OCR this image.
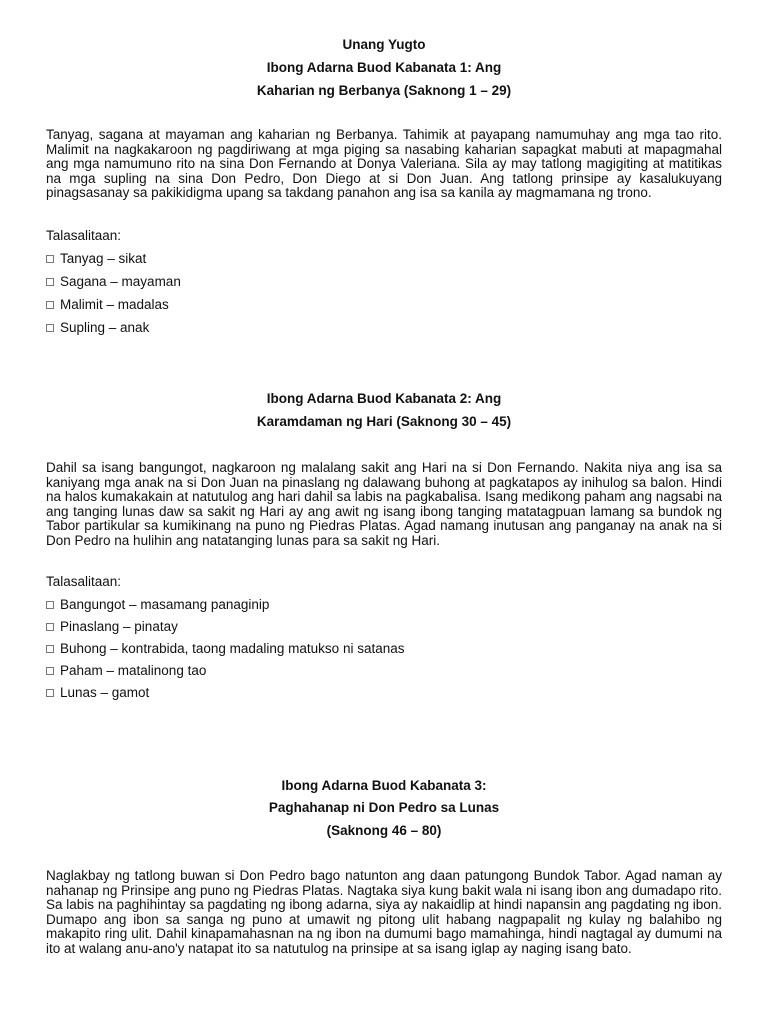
Unang Yugto
Ibong Adarna Buod Kabanata 1: Ang
Kaharian ng Berbanya (Saknong 1 – 29)

Tanyag, sagana at mayaman ang kaharian ng Berbanya. Tahimik at payapang namumuhay ang mga tao rito. Malimit na nagkakaroon ng pagdiriwang at mga piging sa nasabing kaharian sapagkat mabuti at mapagmahal ang mga namumuno rito na sina Don Fernando at Donya Valeriana. Sila ay may tatlong magigiting at matitikas na mga supling na sina Don Pedro, Don Diego at si Don Juan. Ang tatlong prinsipe ay kasalukuyang pinagsasanay sa pakikidigma upang sa takdang panahon ang isa sa kanila ay magmamana ng trono.

Talasalitaan:
Tanyag – sikat
Sagana – mayaman
Malimit – madalas
Supling – anak
Ibong Adarna Buod Kabanata 2: Ang
Karamdaman ng Hari (Saknong 30 – 45)

Dahil sa isang bangungot, nagkaroon ng malalang sakit ang Hari na si Don Fernando. Nakita niya ang isa sa kaniyang mga anak na si Don Juan na pinaslang ng dalawang buhong at pagkatapos ay inihulog sa balon. Hindi na halos kumakakain at natutulog ang hari dahil sa labis na pagkabalisa. Isang medikong paham ang nagsabi na ang tanging lunas daw sa sakit ng Hari ay ang awit ng isang ibong tanging matatagpuan lamang sa bundok ng Tabor partikular sa kumikinang na puno ng Piedras Platas. Agad namang inutusan ang panganay na anak na si Don Pedro na hulihin ang natatanging lunas para sa sakit ng Hari.

Talasalitaan:
Bangungot – masamang panaginip
Pinaslang – pinatay
Buhong – kontrabida, taong madaling matukso ni satanas
Paham – matalinong tao
Lunas – gamot
Ibong Adarna Buod Kabanata 3:
Paghahanap ni Don Pedro sa Lunas
(Saknong 46 – 80)

Naglakbay ng tatlong buwan si Don Pedro bago natunton ang daan patungong Bundok Tabor. Agad naman ay nahanap ng Prinsipe ang puno ng Piedras Platas. Nagtaka siya kung bakit wala ni isang ibon ang dumadapo rito. Sa labis na paghihintay sa pagdating ng ibong adarna, siya ay nakaidlip at hindi napansin ang pagdating ng ibon. Dumapo ang ibon sa sanga ng puno at umawit ng pitong ulit habang nagpapalit ng kulay ng balahibo ng makapito ring ulit. Dahil kinapamahasnan na ng ibon na dumumi bago mamahinga, hindi nagtagal ay dumumi na ito at walang anu-ano'y natapat ito sa natutulog na prinsipe at sa isang iglap ay naging isang bato.
